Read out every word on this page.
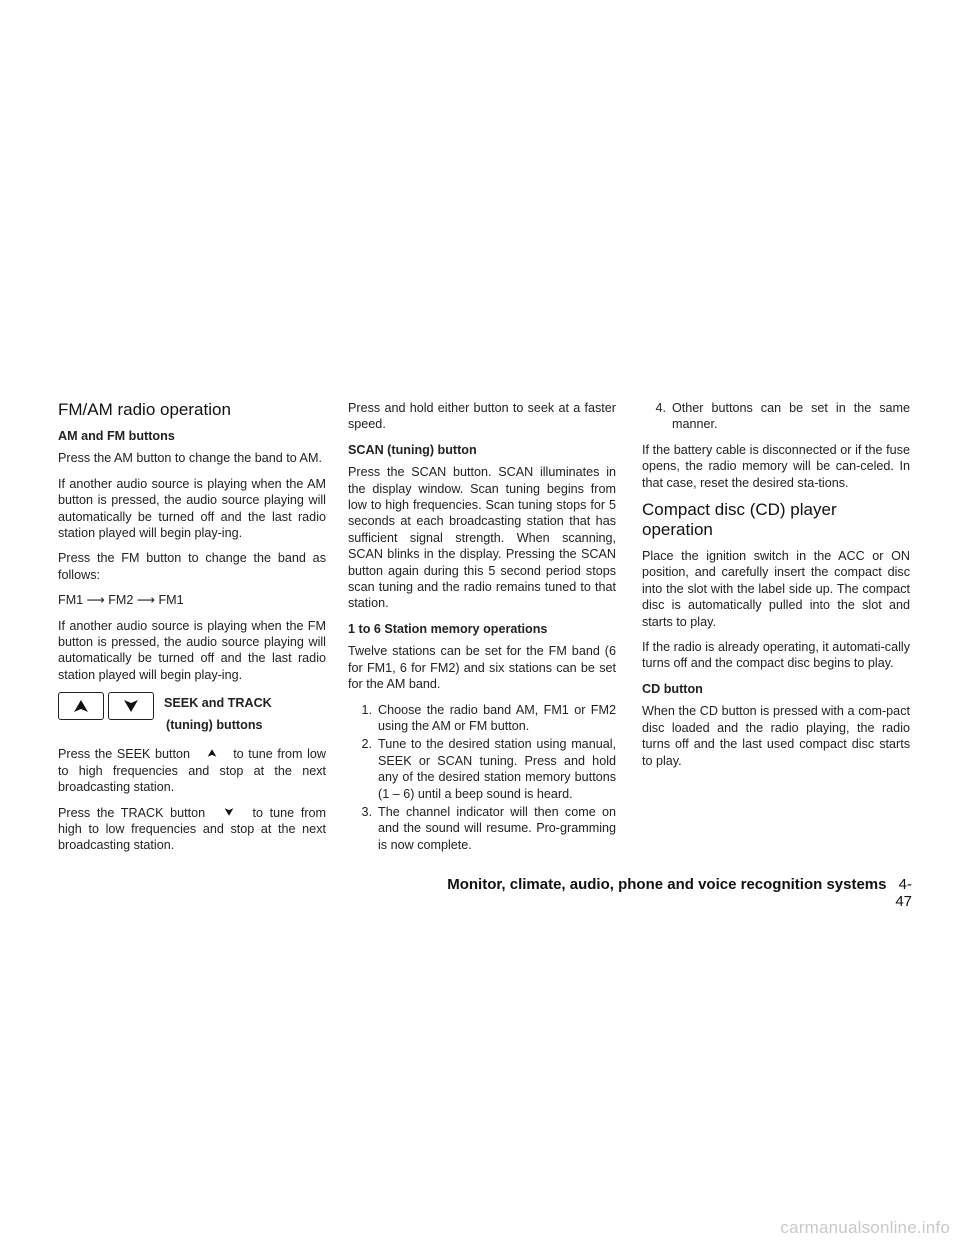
FM/AM radio operation
AM and FM buttons

Press the AM button to change the band to AM.

If another audio source is playing when the AM button is pressed, the audio source playing will automatically be turned off and the last radio station played will begin play-ing.

Press the FM button to change the band as follows:

FM1 ⟶ FM2 ⟶ FM1

If another audio source is playing when the FM button is pressed, the audio source playing will automatically be turned off and the last radio station played will begin play-ing.

SEEK and TRACK
(tuning) buttons

Press the SEEK button	to tune from low to high frequencies and stop at the next broadcasting station.

Press the TRACK button	to tune from high to low frequencies and stop at the next broadcasting station.

Press and hold either button to seek at a faster speed.

SCAN (tuning) button

Press the SCAN button. SCAN illuminates in the display window. Scan tuning begins from low to high frequencies. Scan tuning stops for 5 seconds at each broadcasting station that has sufficient signal strength. When scanning, SCAN blinks in the display. Pressing the SCAN button again during this 5 second period stops scan tuning and the radio remains tuned to that station.

1 to 6 Station memory operations

Twelve stations can be set for the FM band (6 for FM1, 6 for FM2) and six stations can be set for the AM band.

1. Choose the radio band AM, FM1 or FM2 using the AM or FM button.
2. Tune to the desired station using manual, SEEK or SCAN tuning. Press and hold any of the desired station memory buttons (1 – 6) until a beep sound is heard.
3. The channel indicator will then come on and the sound will resume. Pro-gramming is now complete.
4. Other buttons can be set in the same manner.

If the battery cable is disconnected or if the fuse opens, the radio memory will be can-celed. In that case, reset the desired sta-tions.

Compact disc (CD) player operation

Place the ignition switch in the ACC or ON position, and carefully insert the compact disc into the slot with the label side up. The compact disc is automatically pulled into the slot and starts to play.

If the radio is already operating, it automati-cally turns off and the compact disc begins to play.

CD button

When the CD button is pressed with a com-pact disc loaded and the radio playing, the radio turns off and the last used compact disc starts to play.

Monitor, climate, audio, phone and voice recognition systems 4-47
carmanualsonline.info
